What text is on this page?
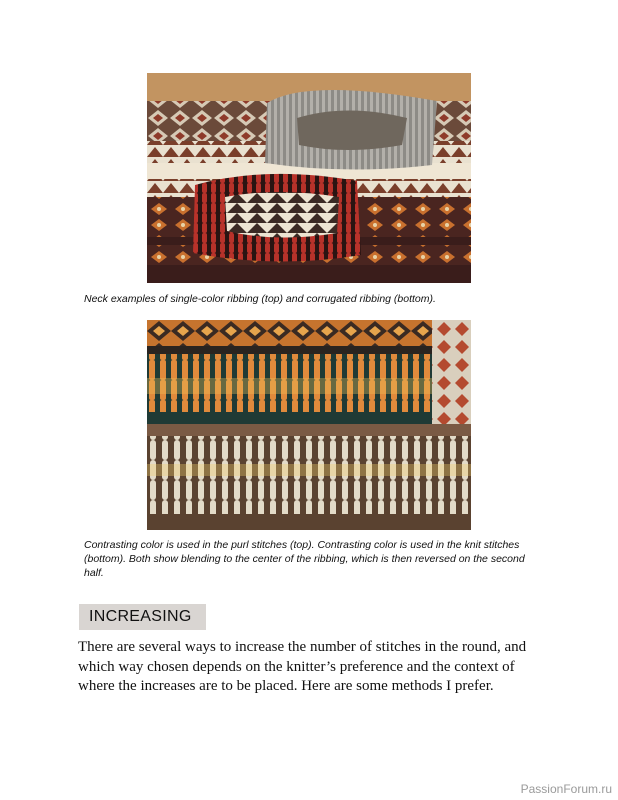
Neck examples of single-color ribbing (top) and corrugated ribbing (bottom).
Contrasting color is used in the purl stitches (top). Contrasting color is used in the knit stitches (bottom). Both show blending to the center of the ribbing, which is then reversed on the second half.
INCREASING
There are several ways to increase the number of stitches in the round, and which way chosen depends on the knitter’s preference and the context of where the increases are to be placed. Here are some methods I prefer.
PassionForum.ru
